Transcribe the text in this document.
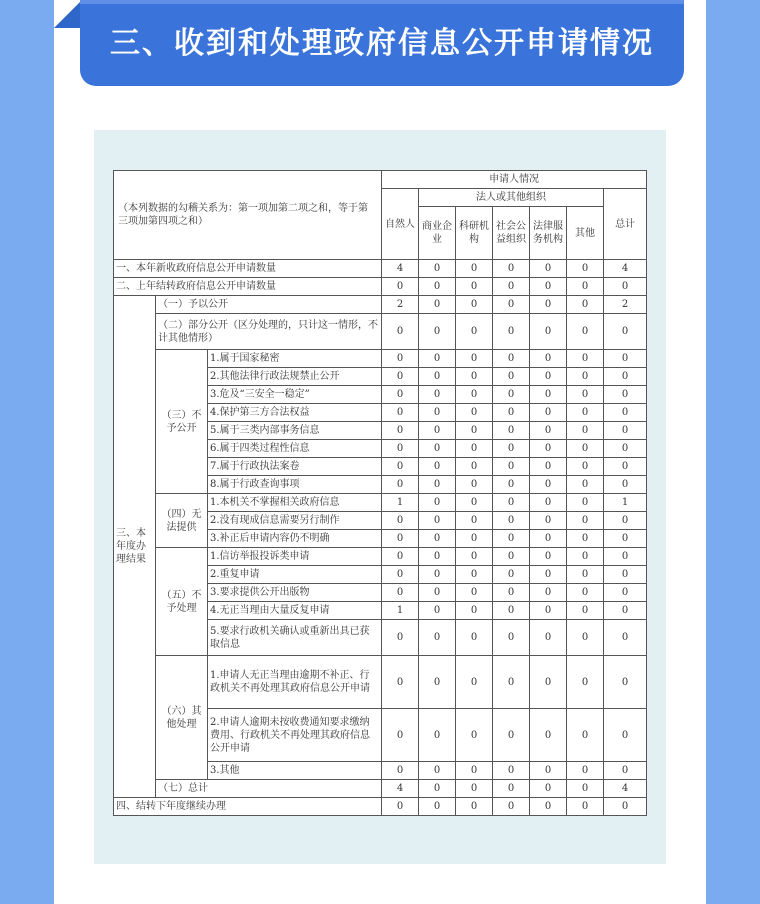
三、收到和处理政府信息公开申请情况
（本列数据的勾稽关系为：第一项加第二项之和，等于第三项加第四项之和）			申请人情况						
			自然人	法人或其他组织					总计
				商业企业	科研机构	社会公益组织	法律服务机构	其他	
一、本年新收政府信息公开申请数量			4	0	0	0	0	0	4
二、上年结转政府信息公开申请数量			0	0	0	0	0	0	0
三、本年度办理结果	（一）予以公开		2	0	0	0	0	0	2
	（二）部分公开（区分处理的，只计这一情形，不计其他情形）		0	0	0	0	0	0	0
	（三）不予公开	1.属于国家秘密	0	0	0	0	0	0	0
		2.其他法律行政法规禁止公开	0	0	0	0	0	0	0
		3.危及“三安全一稳定”	0	0	0	0	0	0	0
		4.保护第三方合法权益	0	0	0	0	0	0	0
		5.属于三类内部事务信息	0	0	0	0	0	0	0
		6.属于四类过程性信息	0	0	0	0	0	0	0
		7.属于行政执法案卷	0	0	0	0	0	0	0
		8.属于行政查询事项	0	0	0	0	0	0	0
	（四）无法提供	1.本机关不掌握相关政府信息	1	0	0	0	0	0	1
		2.没有现成信息需要另行制作	0	0	0	0	0	0	0
		3.补正后申请内容仍不明确	0	0	0	0	0	0	0
	（五）不予处理	1.信访举报投诉类申请	0	0	0	0	0	0	0
		2.重复申请	0	0	0	0	0	0	0
		3.要求提供公开出版物	0	0	0	0	0	0	0
		4.无正当理由大量反复申请	1	0	0	0	0	0	0
		5.要求行政机关确认或重新出具已获取信息	0	0	0	0	0	0	0
	（六）其他处理	1.申请人无正当理由逾期不补正、行政机关不再处理其政府信息公开申请	0	0	0	0	0	0	0
		2.申请人逾期未按收费通知要求缴纳费用、行政机关不再处理其政府信息公开申请	0	0	0	0	0	0	0
		3.其他	0	0	0	0	0	0	0
	（七）总计		4	0	0	0	0	0	4
四、结转下年度继续办理			0	0	0	0	0	0	0
